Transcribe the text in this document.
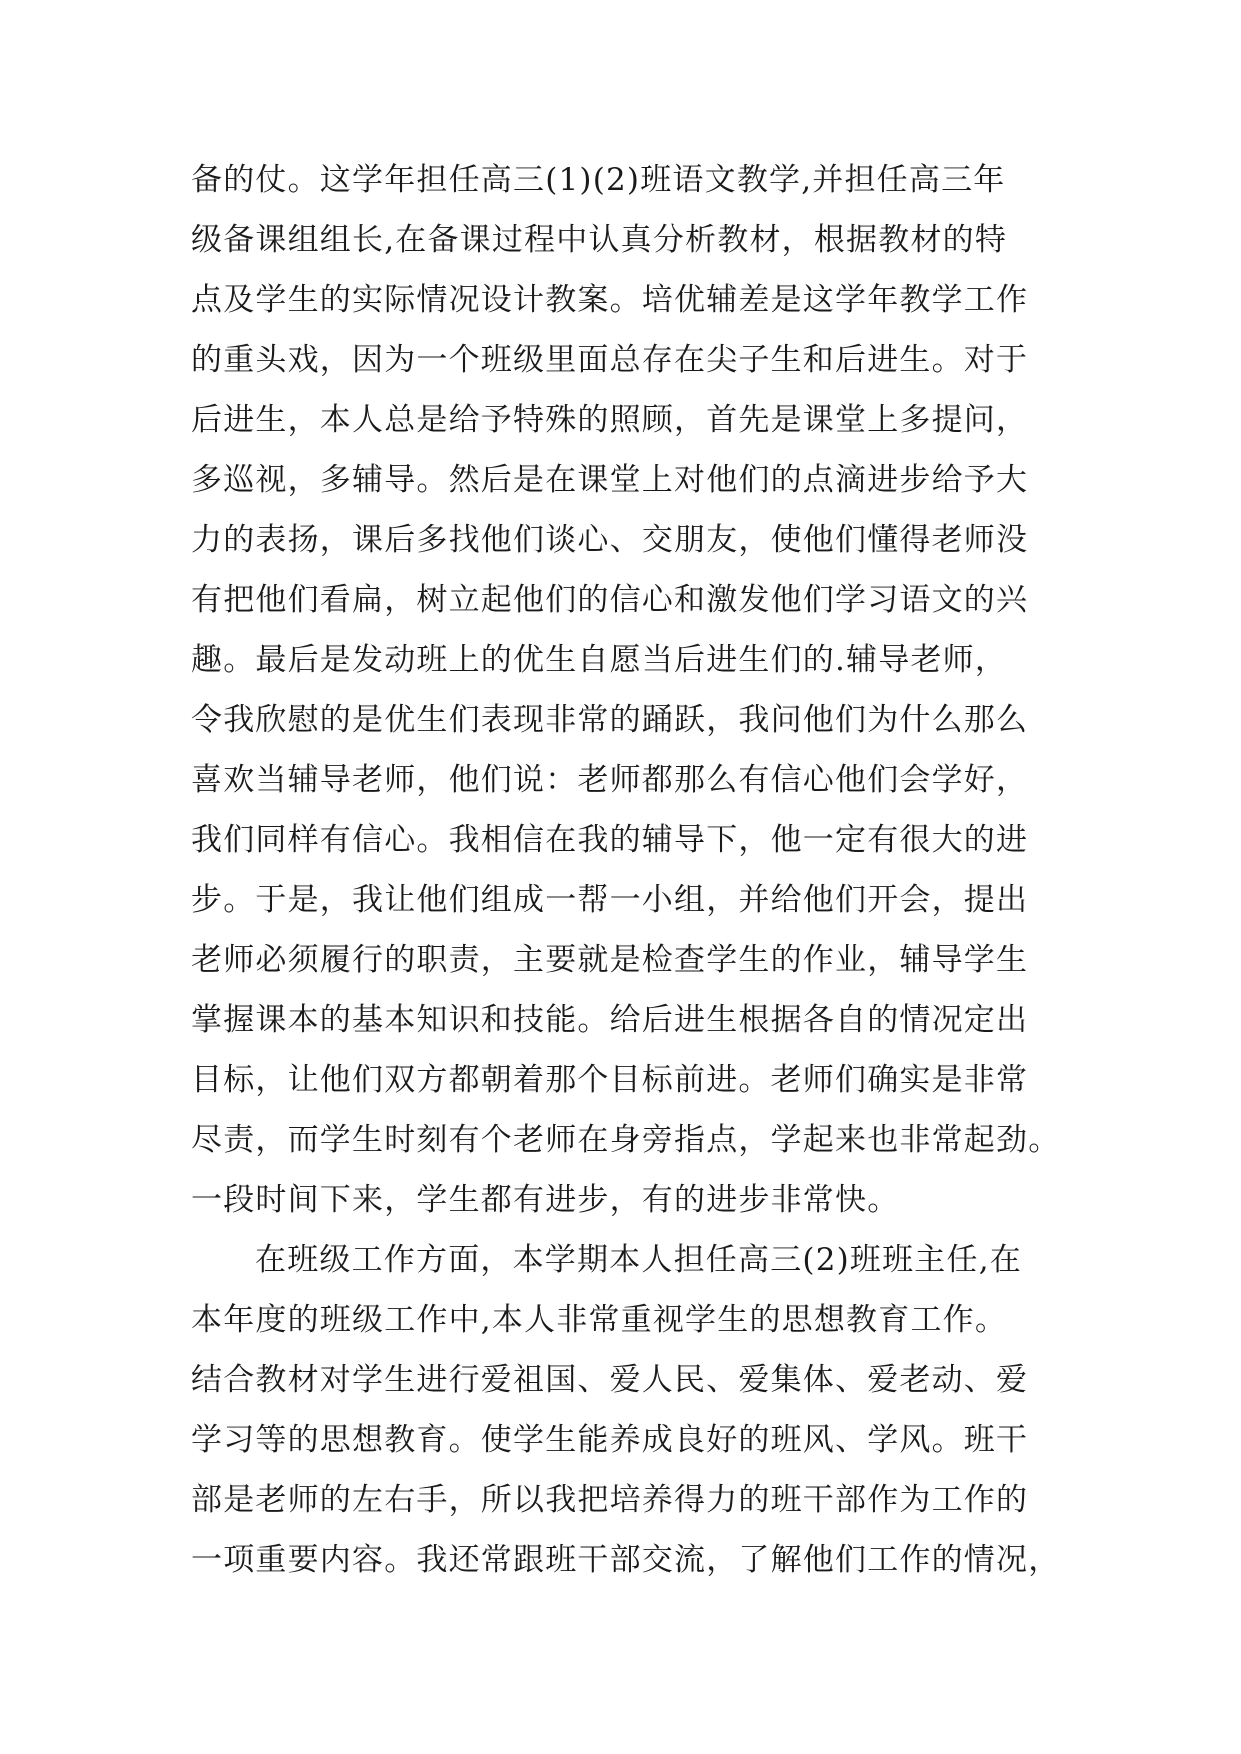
备的仗。这学年担任高三(1)(2)班语文教学,并担任高三年
级备课组组长,在备课过程中认真分析教材，根据教材的特
点及学生的实际情况设计教案。培优辅差是这学年教学工作
的重头戏，因为一个班级里面总存在尖子生和后进生。对于
后进生，本人总是给予特殊的照顾，首先是课堂上多提问，
多巡视，多辅导。然后是在课堂上对他们的点滴进步给予大
力的表扬，课后多找他们谈心、交朋友，使他们懂得老师没
有把他们看扁，树立起他们的信心和激发他们学习语文的兴
趣。最后是发动班上的优生自愿当后进生们的.辅导老师，
令我欣慰的是优生们表现非常的踊跃，我问他们为什么那么
喜欢当辅导老师，他们说：老师都那么有信心他们会学好，
我们同样有信心。我相信在我的辅导下，他一定有很大的进
步。于是，我让他们组成一帮一小组，并给他们开会，提出
老师必须履行的职责，主要就是检查学生的作业，辅导学生
掌握课本的基本知识和技能。给后进生根据各自的情况定出
目标，让他们双方都朝着那个目标前进。老师们确实是非常
尽责，而学生时刻有个老师在身旁指点，学起来也非常起劲。
一段时间下来，学生都有进步，有的进步非常快。
在班级工作方面，本学期本人担任高三(2)班班主任,在
本年度的班级工作中,本人非常重视学生的思想教育工作。
结合教材对学生进行爱祖国、爱人民、爱集体、爱老动、爱
学习等的思想教育。使学生能养成良好的班风、学风。班干
部是老师的左右手，所以我把培养得力的班干部作为工作的
一项重要内容。我还常跟班干部交流，了解他们工作的情况，
